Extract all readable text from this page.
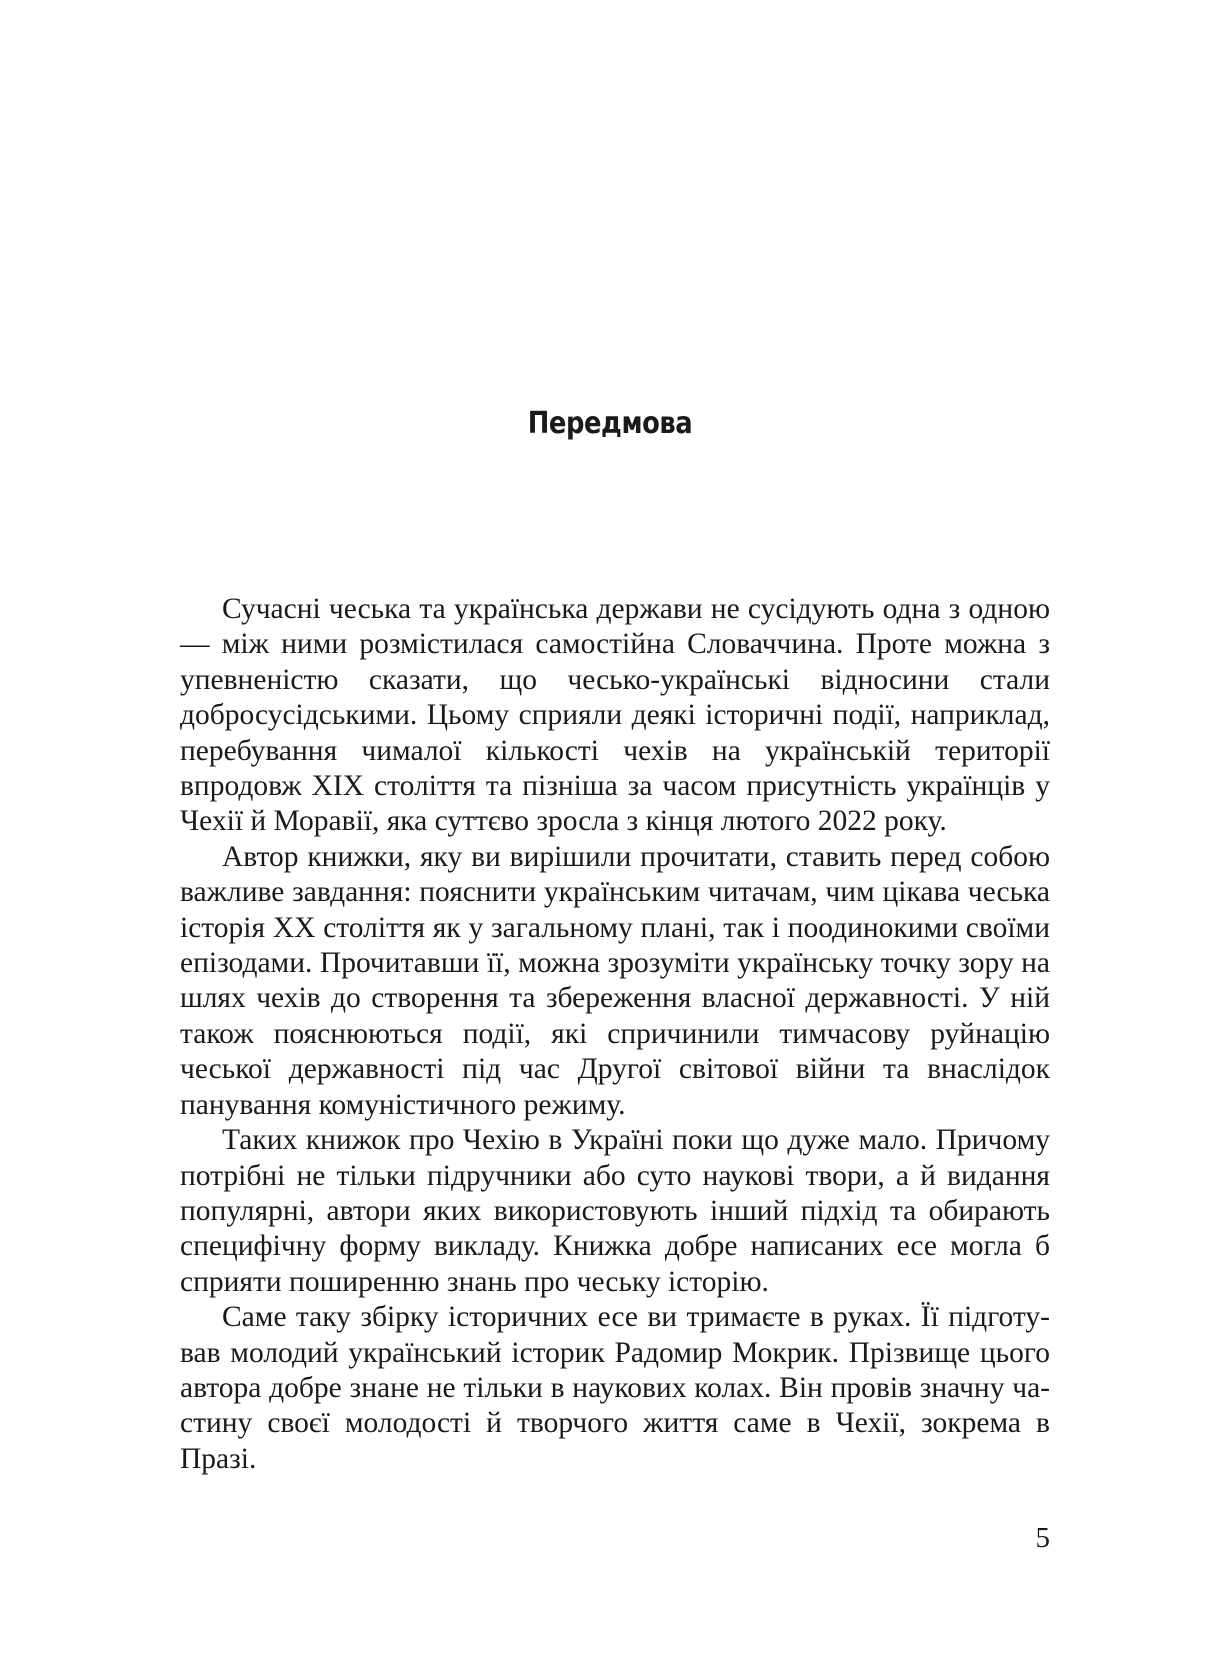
Передмова

Сучасні чеська та українська держави не сусідують одна з одною — між ними розмістилася самостійна Словаччина. Проте можна з упевненістю сказати, що чесько-українські відносини стали добросусідськими. Цьому сприяли деякі історичні події, наприклад, перебування чималої кількості чехів на українській території впродовж XIX століття та пізніша за часом присутність українців у Чехії й Моравії, яка суттєво зросла з кінця лютого 2022 року.

Автор книжки, яку ви вирішили прочитати, ставить перед собою важливе завдання: пояснити українським читачам, чим цікава чеська історія XX століття як у загальному плані, так і поодинокими своїми епізодами. Прочитавши її, можна зрозуміти українську точку зору на шлях чехів до створення та збереження власної державності. У ній також пояснюються події, які спричинили тимчасову руйнацію чеської державності під час Другої світової війни та внаслідок панування комуністичного режиму.

Таких книжок про Чехію в Україні поки що дуже мало. Причому потрібні не тільки підручники або суто наукові твори, а й видання популярні, автори яких використовують інший підхід та обирають специфічну форму викладу. Книжка добре написаних есе могла б сприяти поширенню знань про чеську історію.

Саме таку збірку історичних есе ви тримаєте в руках. Її підготував молодий український історик Радомир Мокрик. Прізвище цього автора добре знане не тільки в наукових колах. Він провів значну частину своєї молодості й творчого життя саме в Чехії, зокрема в Празі.

5
